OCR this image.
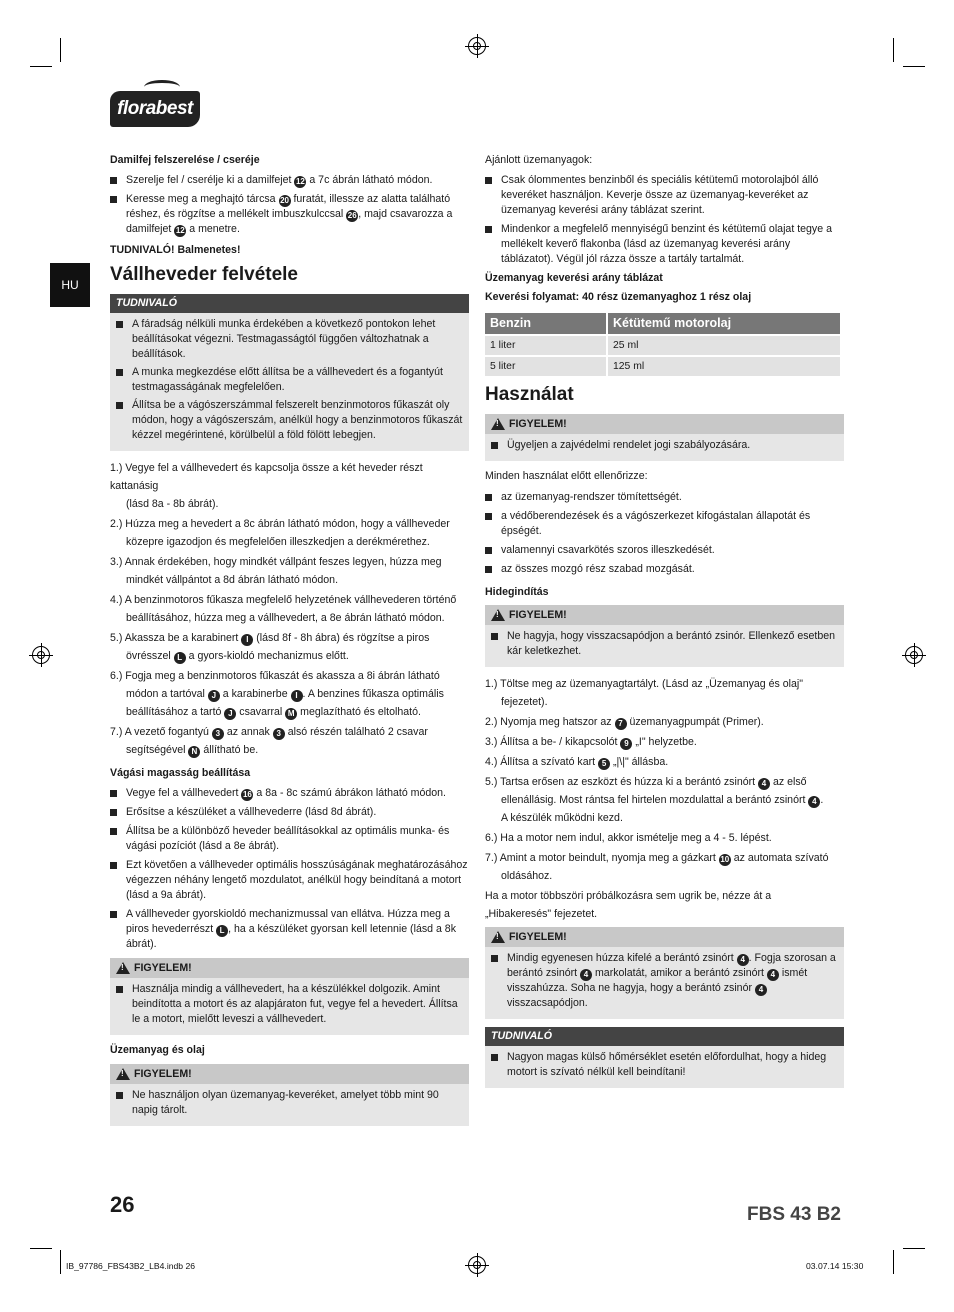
florabest
HU

Damilfej felszerelése / cseréje

Szerelje fel / cserélje ki a damilfejet 12 a 7c ábrán látható módon.
Keresse meg a meghajtó tárcsa 20 furatát, illessze az alatta található réshez, és rögzítse a mellékelt imbuszkulccsal 26 , majd csavarozza a damilfejet 12 a menetre.

TUDNIVALÓ! Balmenetes!

Vállheveder felvétele

TUDNIVALÓ
A fáradság nélküli munka érdekében a következő pontokon lehet beállításokat végezni. Testmagasságtól függően változhatnak a beállítások.
A munka megkezdése előtt állítsa be a vállhevedert és a fogantyút testmagasságának megfelelően.
Állítsa be a vágószerszámmal felszerelt benzinmotoros fűkaszát oly módon, hogy a vágószerszám, anélkül hogy a benzinmotoros fűkaszát kézzel megérintené, körülbelül a föld fölött lebegjen.
1.) Vegye fel a vállhevedert és kapcsolja össze a két heveder részt kattanásig
(lásd 8a - 8b ábrát).
2.) Húzza meg a hevedert a 8c ábrán látható módon, hogy a vállheveder
közepre igazodjon és megfelelően illeszkedjen a derékmérethez.
3.) Annak érdekében, hogy mindkét vállpánt feszes legyen, húzza meg
mindkét vállpántot a 8d ábrán látható módon.
4.) A benzinmotoros fűkasza megfelelő helyzetének vállhevederen történő
beállításához, húzza meg a vállhevedert, a 8e ábrán látható módon.
5.) Akassza be a karabinert I (lásd 8f - 8h ábra) és rögzítse a piros
övrésszel L a gyors-kioldó mechanizmus előtt.
6.) Fogja meg a benzinmotoros fűkaszát és akassza a 8i ábrán látható
módon a tartóval J a karabinerbe I . A benzines fűkasza optimális
beállításához a tartó J csavarral M meglazítható és eltolható.
7.) A vezető fogantyú 3 az annak 3 alsó részén található 2 csavar
segítségével N állítható be.

Vágási magasság beállítása

Vegye fel a vállhevedert 16 a 8a - 8c számú ábrákon látható módon.
Erősítse a készüléket a vállhevederre (lásd 8d ábrát).
Állítsa be a különböző heveder beállításokkal az optimális munka- és vágási pozíciót (lásd a 8e ábrát).
Ezt követően a vállheveder optimális hosszúságának meghatározásához végezzen néhány lengető mozdulatot, anélkül hogy beindítaná a motort (lásd a 9a ábrát).
A vállheveder gyorskioldó mechanizmussal van ellátva. Húzza meg a piros hevederrészt L , ha a készüléket gyorsan kell letennie (lásd a 8k ábrát).
!
FIGYELEM!
Használja mindig a vállhevedert, ha a készülékkel dolgozik. Amint beindította a motort és az alapjáraton fut, vegye fel a hevedert. Állítsa le a motort, mielőtt leveszi a vállhevedert.

Üzemanyag és olaj

!
FIGYELEM!
Ne használjon olyan üzemanyag-keveréket, amelyet több mint 90 napig tárolt.

Ajánlott üzemanyagok:

Csak ólommentes benzinből és speciális kétütemű motorolajból álló keveréket használjon. Keverje össze az üzemanyag-keveréket az üzemanyag keverési arány táblázat szerint.
Mindenkor a megfelelő mennyiségű benzint és kétütemű olajat tegye a mellékelt keverő flakonba (lásd az üzemanyag keverési arány táblázatot). Végül jól rázza össze a tartály tartalmát.

Üzemanyag keverési arány táblázat

Keverési folyamat: 40 rész üzemanyaghoz 1 rész olaj

Benzin	Kétütemű motorolaj
1 liter	25 ml
5 liter	125 ml

Használat

!
FIGYELEM!
Ügyeljen a zajvédelmi rendelet jogi szabályozására.

Minden használat előtt ellenőrizze:

az üzemanyag-rendszer tömítettségét.
a védőberendezések és a vágószerkezet kifogástalan állapotát és épségét.
valamennyi csavarkötés szoros illeszkedését.
az összes mozgó rész szabad mozgását.

Hidegindítás

!
FIGYELEM!
Ne hagyja, hogy visszacsapódjon a berántó zsinór. Ellenkező esetben kár keletkezhet.
1.) Töltse meg az üzemanyagtartályt. (Lásd az „Üzemanyag és olaj"
fejezetet).
2.) Nyomja meg hatszor az 7 üzemanyagpumpát (Primer).
3.) Állítsa a be- / kikapcsolót 9 „I" helyzetbe.
4.) Állítsa a szívató kart 5 „|\|" állásba.
5.) Tartsa erősen az eszközt és húzza ki a berántó zsinórt 4 az első
ellenállásig. Most rántsa fel hirtelen mozdulattal a berántó zsinórt 4 .
A készülék működni kezd.
6.) Ha a motor nem indul, akkor ismételje meg a 4 - 5. lépést.
7.) Amint a motor beindult, nyomja meg a gázkart 10 az automata szívató
oldásához.

Ha a motor többszöri próbálkozásra sem ugrik be, nézze át a

„Hibakeresés" fejezetet.

!
FIGYELEM!
Mindig egyenesen húzza kifelé a berántó zsinórt 4 . Fogja szorosan a berántó zsinórt 4 markolatát, amikor a berántó zsinórt 4 ismét visszahúzza. Soha ne hagyja, hogy a berántó zsinór 4 visszacsapódjon.
TUDNIVALÓ
Nagyon magas külső hőmérséklet esetén előfordulhat, hogy a hideg motort is szívató nélkül kell beindítani!
26	FBS 43 B2
IB_97786_FBS43B2_LB4.indb 26	03.07.14 15:30
